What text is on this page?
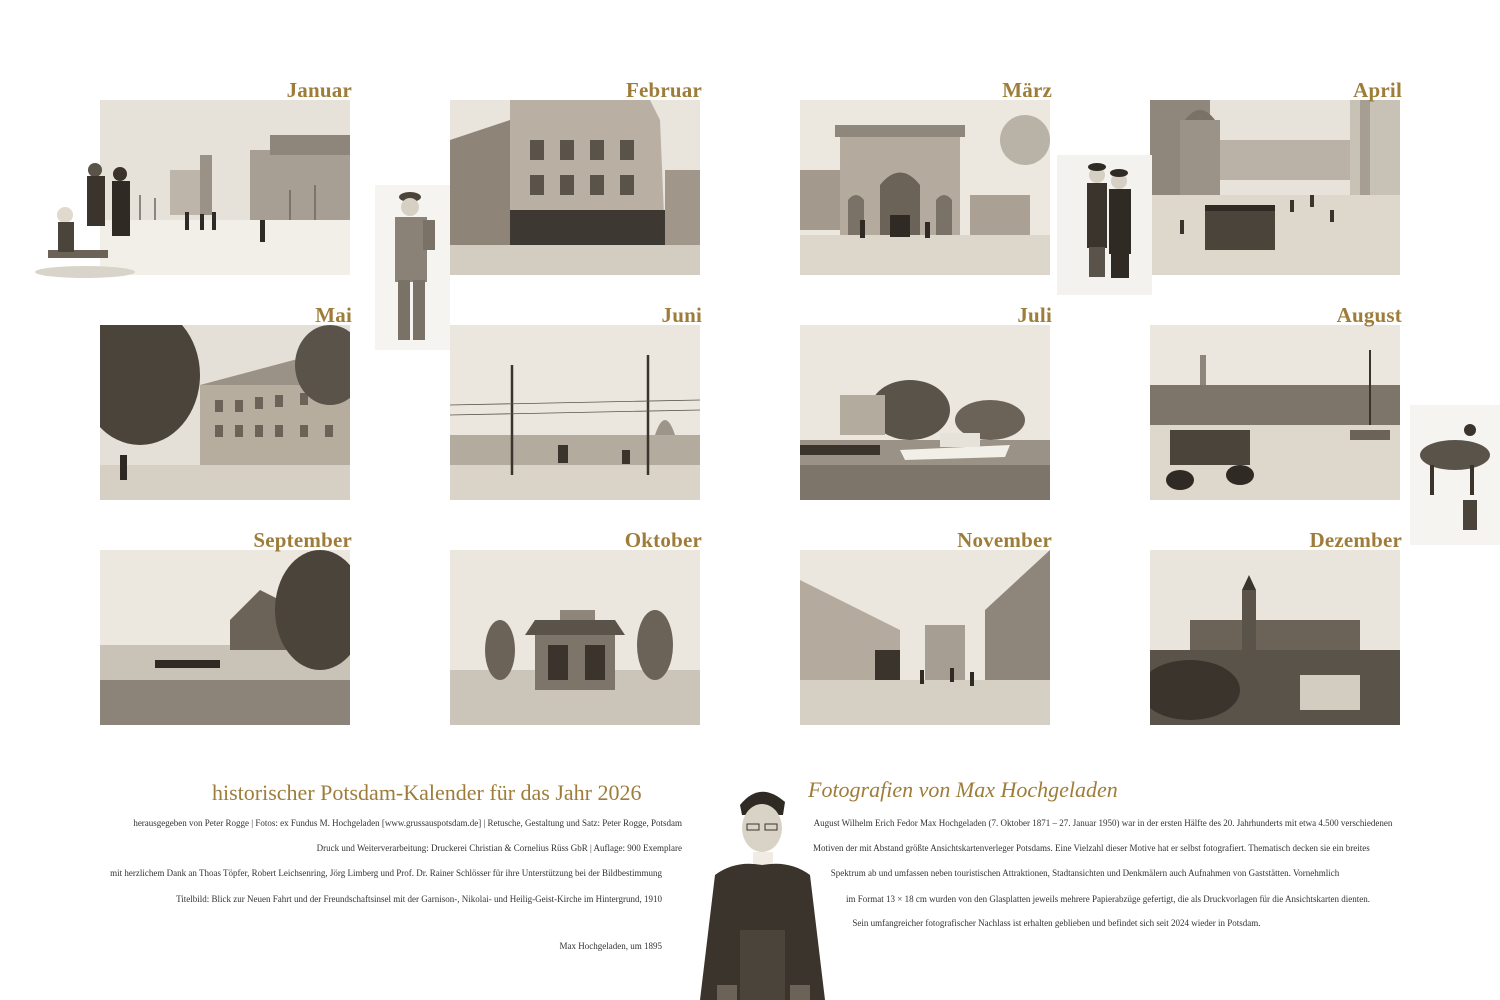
Januar	Februar	März	April
Mai	Juni	Juli	August
September	Oktober	November	Dezember
historischer Potsdam-Kalender für das Jahr 2026
herausgegeben von Peter Rogge | Fotos: ex Fundus M. Hochgeladen [www.grussauspotsdam.de] | Retusche, Gestaltung und Satz: Peter Rogge, Potsdam
Druck und Weiterverarbeitung: Druckerei Christian & Cornelius Rüss GbR | Auflage: 900 Exemplare
mit herzlichem Dank an Thoas Töpfer, Robert Leichsenring, Jörg Limberg und Prof. Dr. Rainer Schlösser für ihre Unterstützung bei der Bildbestimmung
Titelbild: Blick zur Neuen Fahrt und der Freundschaftsinsel mit der Garnison-, Nikolai- und Heilig-Geist-Kirche im Hintergrund, 1910
Max Hochgeladen, um 1895
Fotografien von Max Hochgeladen
August Wilhelm Erich Fedor Max Hochgeladen (7. Oktober 1871 – 27. Januar 1950) war in der ersten Hälfte des 20. Jahrhunderts mit etwa 4.500 verschiedenen
Motiven der mit Abstand größte Ansichtskartenverleger Potsdams. Eine Vielzahl dieser Motive hat er selbst fotografiert. Thematisch decken sie ein breites
Spektrum ab und umfassen neben touristischen Attraktionen, Stadtansichten und Denkmälern auch Aufnahmen von Gaststätten. Vornehmlich
im Format 13 × 18 cm wurden von den Glasplatten jeweils mehrere Papierabzüge gefertigt, die als Druckvorlagen für die Ansichtskarten dienten.
Sein umfangreicher fotografischer Nachlass ist erhalten geblieben und befindet sich seit 2024 wieder in Potsdam.
